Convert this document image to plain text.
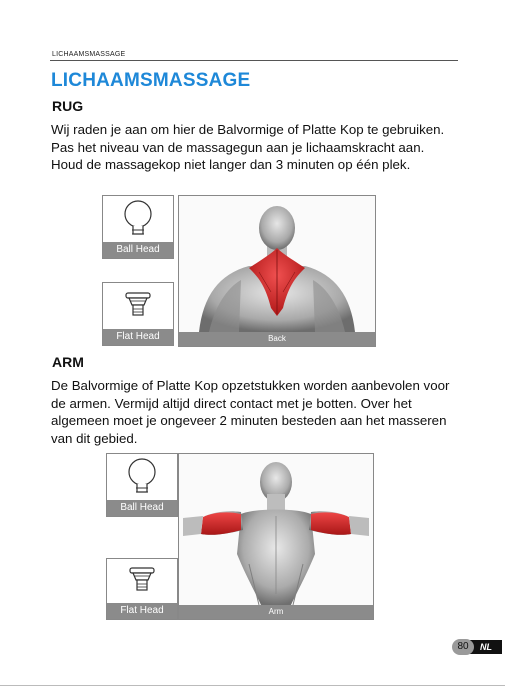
LICHAAMSMASSAGE
LICHAAMSMASSAGE
RUG
Wij raden je aan om hier de Balvormige of Platte Kop te gebruiken. Pas het niveau van de massagegun aan je lichaamskracht aan. Houd de massagekop niet langer dan 3 minuten op één plek.
Ball Head
Flat Head	Back
ARM
De Balvormige of Platte Kop opzetstukken worden aanbevolen voor de armen. Vermijd altijd direct contact met je botten. Over het algemeen moet je ongeveer 2 minuten besteden aan het masseren van dit gebied.
Ball Head
Flat Head	Arm
NL
80
